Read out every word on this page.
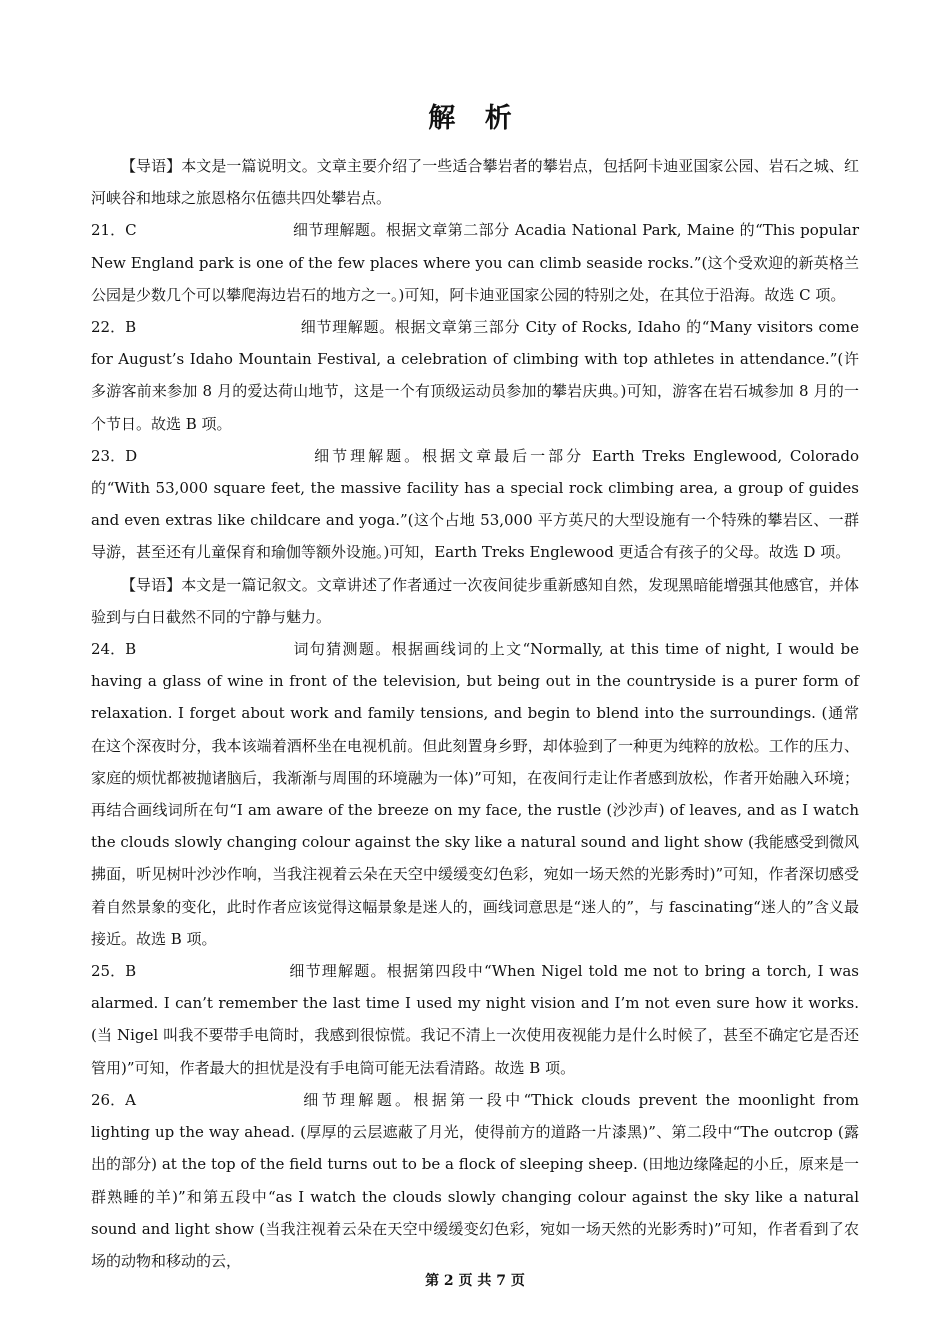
解 析

【导语】本文是一篇说明文。文章主要介绍了一些适合攀岩者的攀岩点，包括阿卡迪亚国家公园、岩石之城、红河峡谷和地球之旅恩格尔伍德共四处攀岩点。

21．C	细节理解题。根据文章第二部分 Acadia National Park, Maine 的“This popular New England park is one of the few places where you can climb seaside rocks.”(这个受欢迎的新英格兰公园是少数几个可以攀爬海边岩石的地方之一。)可知，阿卡迪亚国家公园的特别之处，在其位于沿海。故选 C 项。

22．B	细节理解题。根据文章第三部分 City of Rocks, Idaho 的“Many visitors come for August’s Idaho Mountain Festival, a celebration of climbing with top athletes in attendance.”(许多游客前来参加 8 月的爱达荷山地节，这是一个有顶级运动员参加的攀岩庆典。)可知，游客在岩石城参加 8 月的一个节日。故选 B 项。

23．D	细节理解题。根据文章最后一部分 Earth Treks Englewood, Colorado 的“With 53,000 square feet, the massive facility has a special rock climbing area, a group of guides and even extras like childcare and yoga.”(这个占地 53,000 平方英尺的大型设施有一个特殊的攀岩区、一群导游，甚至还有儿童保育和瑜伽等额外设施。)可知，Earth Treks Englewood 更适合有孩子的父母。故选 D 项。

【导语】本文是一篇记叙文。文章讲述了作者通过一次夜间徒步重新感知自然，发现黑暗能增强其他感官，并体验到与白日截然不同的宁静与魅力。

24．B	词句猜测题。根据画线词的上文“Normally, at this time of night, I would be having a glass of wine in front of the television, but being out in the countryside is a purer form of relaxation. I forget about work and family tensions, and begin to blend into the surroundings. (通常在这个深夜时分，我本该端着酒杯坐在电视机前。但此刻置身乡野，却体验到了一种更为纯粹的放松。工作的压力、家庭的烦忧都被抛诸脑后，我渐渐与周围的环境融为一体)”可知，在夜间行走让作者感到放松，作者开始融入环境；再结合画线词所在句“I am aware of the breeze on my face, the rustle (沙沙声) of leaves, and as I watch the clouds slowly changing colour against the sky like a natural sound and light show (我能感受到微风拂面，听见树叶沙沙作响，当我注视着云朵在天空中缓缓变幻色彩，宛如一场天然的光影秀时)”可知，作者深切感受着自然景象的变化，此时作者应该觉得这幅景象是迷人的，画线词意思是“迷人的”，与 fascinating“迷人的”含义最接近。故选 B 项。

25．B	细节理解题。根据第四段中“When Nigel told me not to bring a torch, I was alarmed. I can’t remember the last time I used my night vision and I’m not even sure how it works. (当 Nigel 叫我不要带手电筒时，我感到很惊慌。我记不清上一次使用夜视能力是什么时候了，甚至不确定它是否还管用)”可知，作者最大的担忧是没有手电筒可能无法看清路。故选 B 项。

26．A	细节理解题。根据第一段中“Thick clouds prevent the moonlight from lighting up the way ahead. (厚厚的云层遮蔽了月光，使得前方的道路一片漆黑)”、第二段中“The outcrop (露出的部分) at the top of the field turns out to be a flock of sleeping sheep. (田地边缘隆起的小丘，原来是一群熟睡的羊)”和第五段中“as I watch the clouds slowly changing colour against the sky like a natural sound and light show (当我注视着云朵在天空中缓缓变幻色彩，宛如一场天然的光影秀时)”可知，作者看到了农场的动物和移动的云，

第 2 页 共 7 页
